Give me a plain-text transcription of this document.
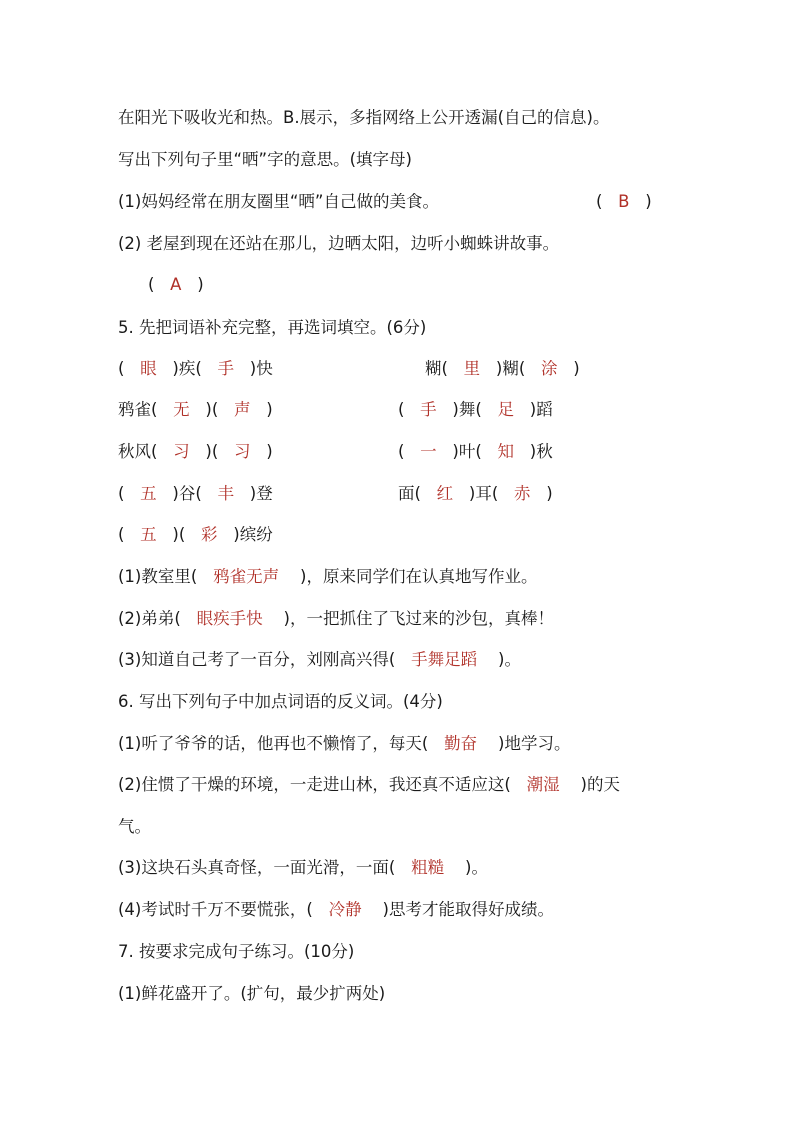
在阳光下吸收光和热。B.展示，多指网络上公开透漏(自己的信息)。
写出下列句子里“晒”字的意思。(填字母)
(1)妈妈经常在朋友圈里“晒”自己做的美食。	(   B   )
(2) 老屋到现在还站在那儿，边晒太阳，边听小蜘蛛讲故事。
(   A   )
5. 先把词语补充完整，再选词填空。(6分)
(   眼   )疾(   手   )快	糊(   里   )糊(   涂   )
鸦雀(   无   )(   声   )	(   手   )舞(   足   )蹈
秋风(   习   )(   习   )	(   一   )叶(   知   )秋
(   五   )谷(   丰   )登	面(   红   )耳(   赤   )
(   五   )(   彩   )缤纷
(1)教室里( 鸦雀无声 )，原来同学们在认真地写作业。
(2)弟弟( 眼疾手快 )，一把抓住了飞过来的沙包，真棒！
(3)知道自己考了一百分，刘刚高兴得( 手舞足蹈 )。
6. 写出下列句子中加点词语的反义词。(4分)
(1)听了爷爷的话，他再也不懒惰了，每天( 勤奋 )地学习。
(2)住惯了干燥的环境，一走进山林，我还真不适应这( 潮湿 )的天
气。
(3)这块石头真奇怪，一面光滑，一面( 粗糙 )。
(4)考试时千万不要慌张，( 冷静 )思考才能取得好成绩。
7. 按要求完成句子练习。(10分)
(1)鲜花盛开了。(扩句，最少扩两处)
